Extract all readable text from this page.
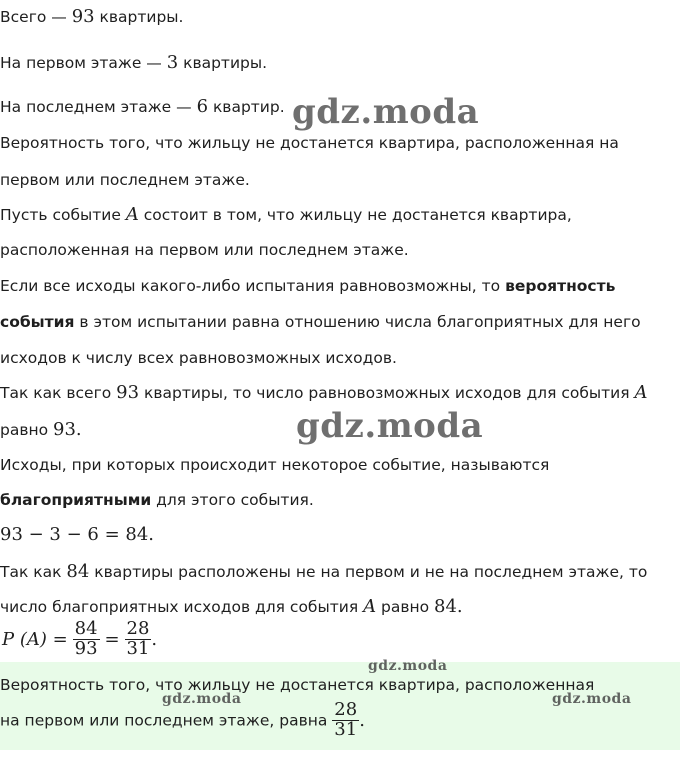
Всего — 93 квартиры.
На первом этаже — 3 квартиры.
На последнем этаже — 6 квартир.
Вероятность того, что жильцу не достанется квартира, расположенная на
первом или последнем этаже.
Пусть событие A состоит в том, что жильцу не достанется квартира,
расположенная на первом или последнем этаже.
Если все исходы какого-либо испытания равновозможны, то вероятность
события в этом испытании равна отношению числа благоприятных для него
исходов к числу всех равновозможных исходов.
Так как всего 93 квартиры, то число равновозможных исходов для события A
равно 93.
Исходы, при которых происходит некоторое событие, называются
благоприятными для этого события.
93 − 3 − 6 = 84.
Так как 84 квартиры расположены не на первом и не на последнем этаже, то
число благоприятных исходов для события A равно 84.
P $(A) = \frac{84}{93} = \frac{28}{31}$ .
Вероятность того, что жильцу не достанется квартира, расположенная
на первом или последнем этаже, равна $\frac{28}{31}$ .
gdz.moda
gdz.moda
gdz.moda
gdz.moda	gdz.moda
